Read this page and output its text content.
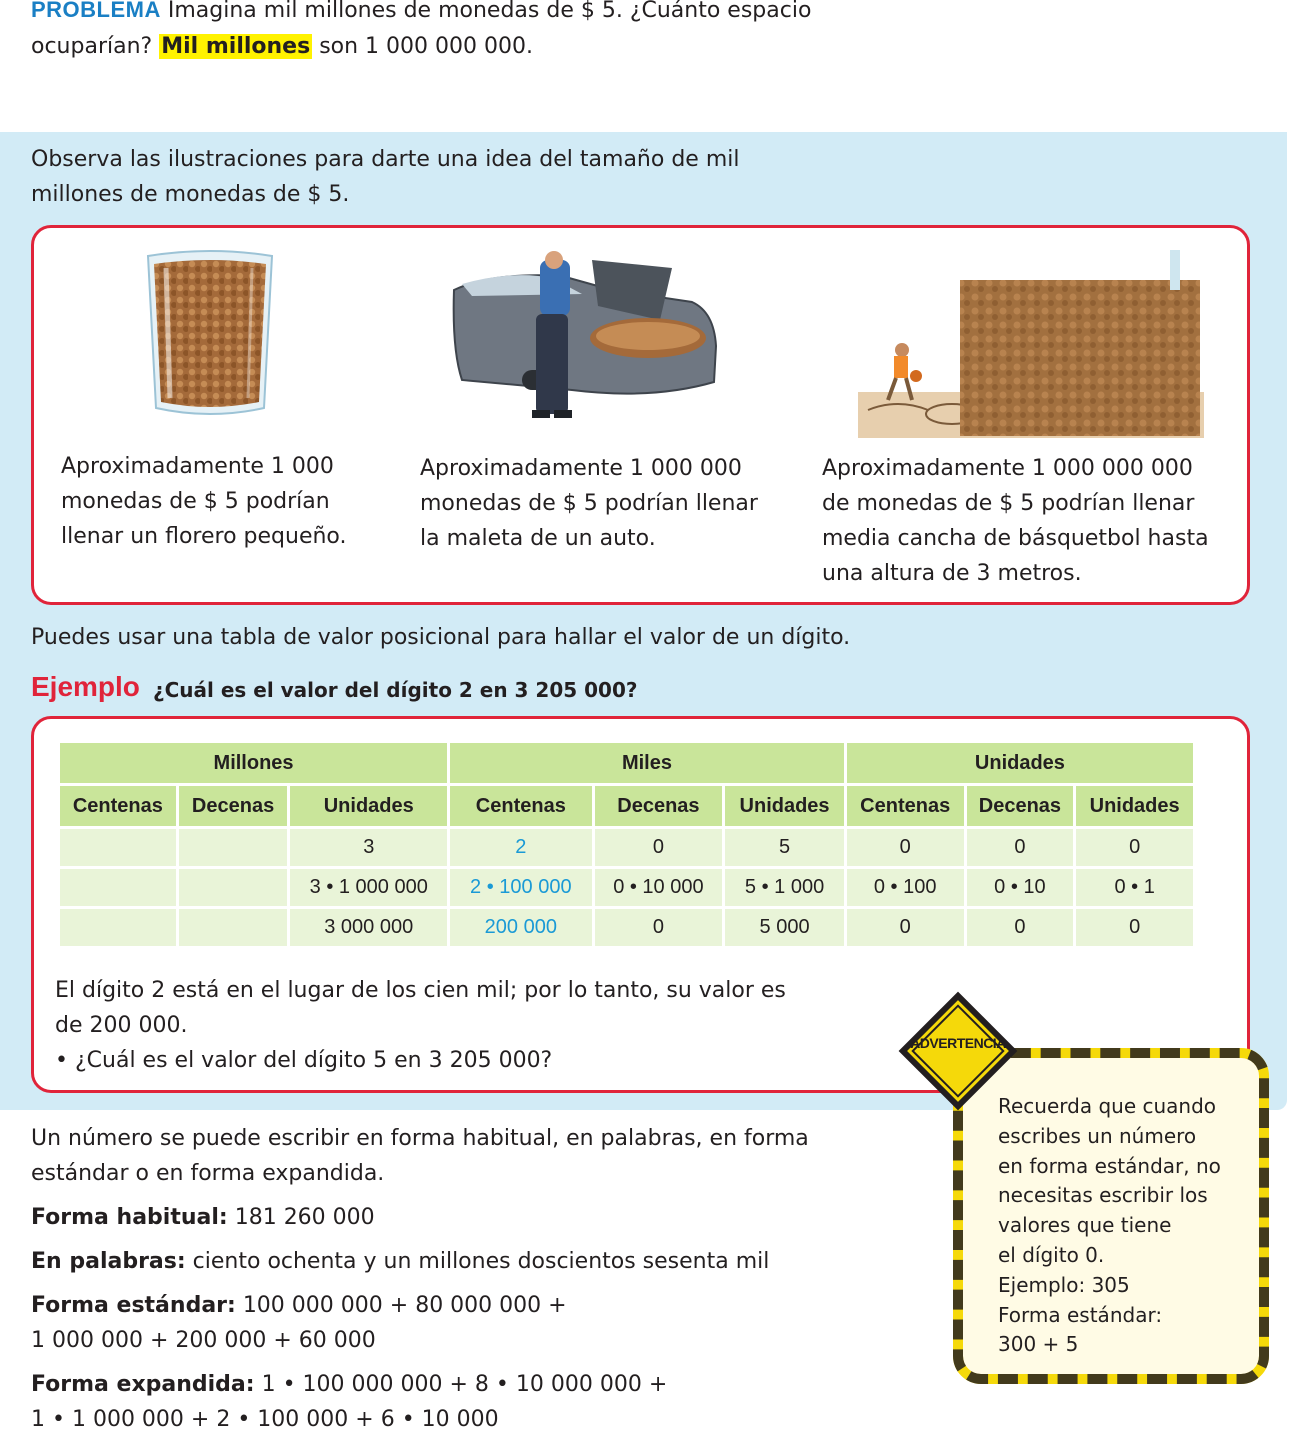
PROBLEMA Imagina mil millones de monedas de $ 5. ¿Cuánto espacio ocuparían? Mil millones son 1 000 000 000.
Observa las ilustraciones para darte una idea del tamaño de mil
millones de monedas de $ 5.
Aproximadamente 1 000
monedas de $ 5 podrían
llenar un florero pequeño.
Aproximadamente 1 000 000
monedas de $ 5 podrían llenar
la maleta de un auto.
Aproximadamente 1 000 000 000
de monedas de $ 5 podrían llenar
media cancha de básquetbol hasta
una altura de 3 metros.
Puedes usar una tabla de valor posicional para hallar el valor de un dígito.
Ejemplo ¿Cuál es el valor del dígito 2 en 3 205 000?
Millones			Miles			Unidades		
Centenas	Decenas	Unidades	Centenas	Decenas	Unidades	Centenas	Decenas	Unidades
		3	2	0	5	0	0	0
		3 • 1 000 000	2 • 100 000	0 • 10 000	5 • 1 000	0 • 100	0 • 10	0 • 1
		3 000 000	200 000	0	5 000	0	0	0
El dígito 2 está en el lugar de los cien mil; por lo tanto, su valor es
de 200 000.
• ¿Cuál es el valor del dígito 5 en 3 205 000?
Un número se puede escribir en forma habitual, en palabras, en forma
estándar o en forma expandida.
Forma habitual: 181 260 000
En palabras: ciento ochenta y un millones doscientos sesenta mil
Forma estándar: 100 000 000 + 80 000 000 +
1 000 000 + 200 000 + 60 000
Forma expandida: 1 • 100 000 000 + 8 • 10 000 000 +
1 • 1 000 000 + 2 • 100 000 + 6 • 10 000
Recuerda que cuando
escribes un número
en forma estándar, no
necesitas escribir los
valores que tiene
el dígito 0.
Ejemplo: 305
Forma estándar:
300 + 5
ADVERTENCIA
